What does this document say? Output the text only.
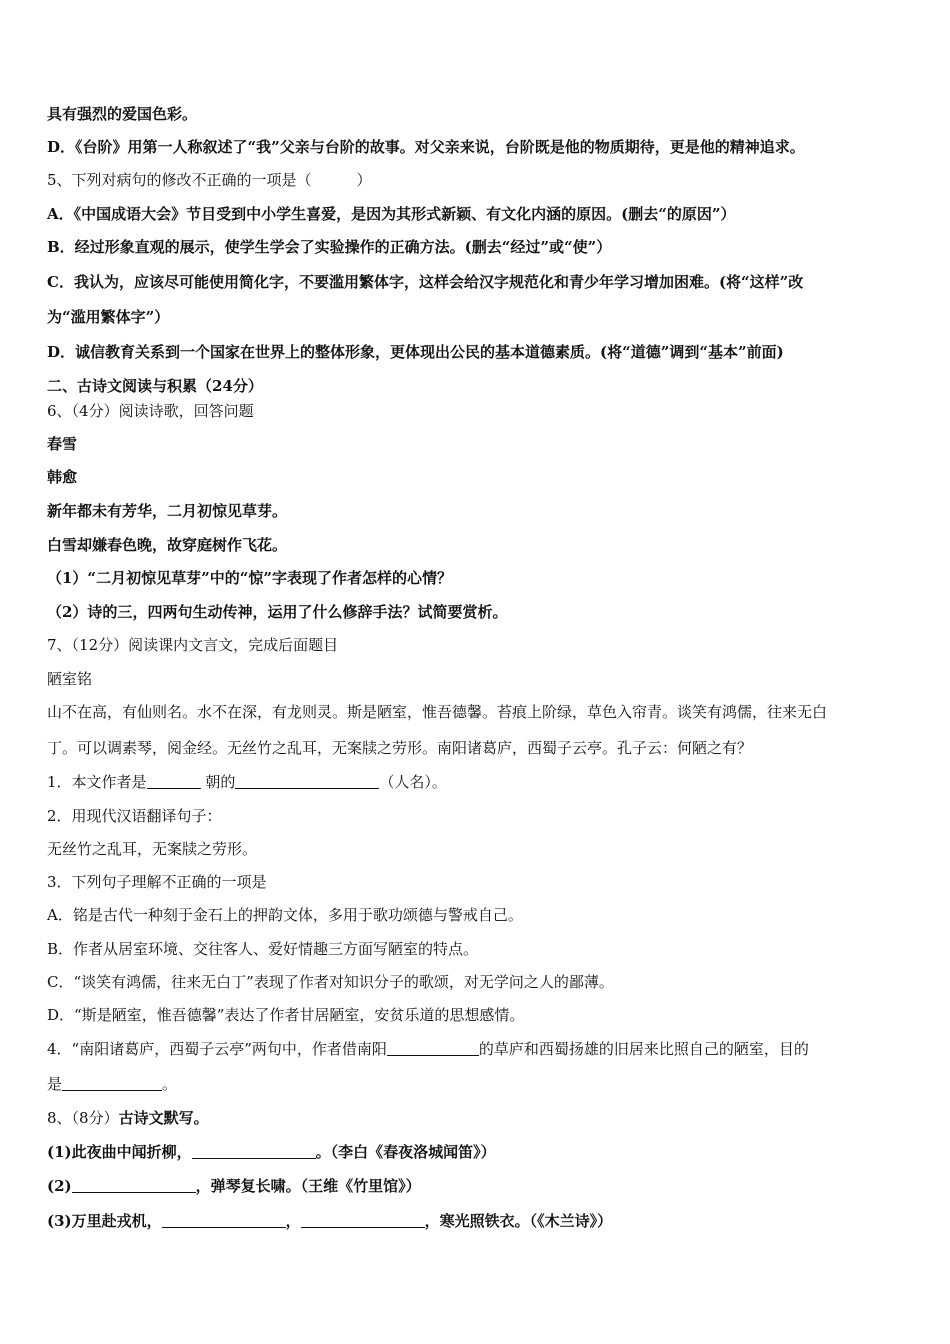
具有强烈的爱国色彩。
D．《台阶》用第一人称叙述了“我”父亲与台阶的故事。对父亲来说，台阶既是他的物质期待，更是他的精神追求。
5、下列对病句的修改不正确的一项是（　　　）
A．《中国成语大会》节目受到中小学生喜爱，是因为其形式新颖、有文化内涵的原因。(删去“的原因”）
B．经过形象直观的展示，使学生学会了实验操作的正确方法。(删去“经过”或“使”）
C．我认为，应该尽可能使用简化字，不要滥用繁体字，这样会给汉字规范化和青少年学习增加困难。(将“这样”改
为“滥用繁体字”）
D．诚信教育关系到一个国家在世界上的整体形象，更体现出公民的基本道德素质。(将“道德”调到“基本”前面)
二、古诗文阅读与积累（24分）
6、（4分）阅读诗歌，回答问题
春雪
韩愈
新年都未有芳华，二月初惊见草芽。
白雪却嫌春色晚，故穿庭树作飞花。
（1）“二月初惊见草芽”中的“惊”字表现了作者怎样的心情？
（2）诗的三，四两句生动传神，运用了什么修辞手法？试简要赏析。
7、（12分）阅读课内文言文，完成后面题目
陋室铭
山不在高，有仙则名。水不在深，有龙则灵。斯是陋室，惟吾德馨。苔痕上阶绿，草色入帘青。谈笑有鸿儒，往来无白
丁。可以调素琴，阅金经。无丝竹之乱耳，无案牍之劳形。南阳诸葛庐，西蜀子云亭。孔子云：何陋之有？
1．本文作者是	朝的	（人名）。
2．用现代汉语翻译句子：
无丝竹之乱耳，无案牍之劳形。
3．下列句子理解不正确的一项是
A．铭是古代一种刻于金石上的押韵文体，多用于歌功颂德与警戒自己。
B．作者从居室环境、交往客人、爱好情趣三方面写陋室的特点。
C．“谈笑有鸿儒，往来无白丁”表现了作者对知识分子的歌颂，对无学问之人的鄙薄。
D．“斯是陋室，惟吾德馨”表达了作者甘居陋室，安贫乐道的思想感情。
4．“南阳诸葛庐，西蜀子云亭”两句中，作者借南阳	的草庐和西蜀扬雄的旧居来比照自己的陋室，目的
是	。
8、（8分）古诗文默写。
(1)此夜曲中闻折柳，	。（李白《春夜洛城闻笛》）
(2)	，弹琴复长啸。（王维《竹里馆》）
(3)万里赴戎机，	，	，寒光照铁衣。（《木兰诗》）
